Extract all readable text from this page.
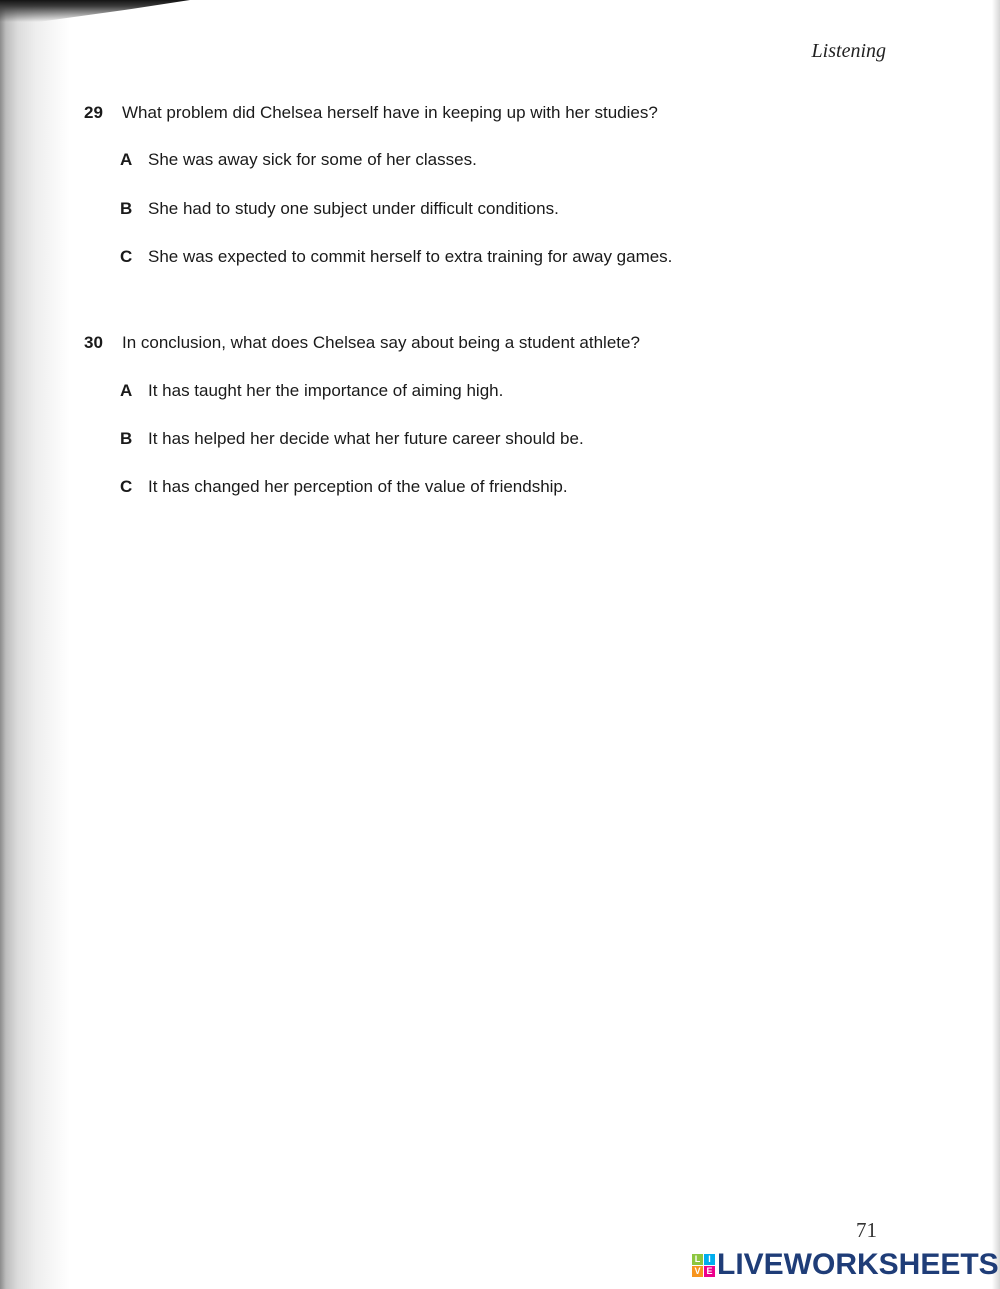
Listening
29	What problem did Chelsea herself have in keeping up with her studies?
A She was away sick for some of her classes.
B She had to study one subject under difficult conditions.
C She was expected to commit herself to extra training for away games.
30	In conclusion, what does Chelsea say about being a student athlete?
A It has taught her the importance of aiming high.
B It has helped her decide what her future career should be.
C It has changed her perception of the value of friendship.
71
L I
V E LIVEWORKSHEETS
